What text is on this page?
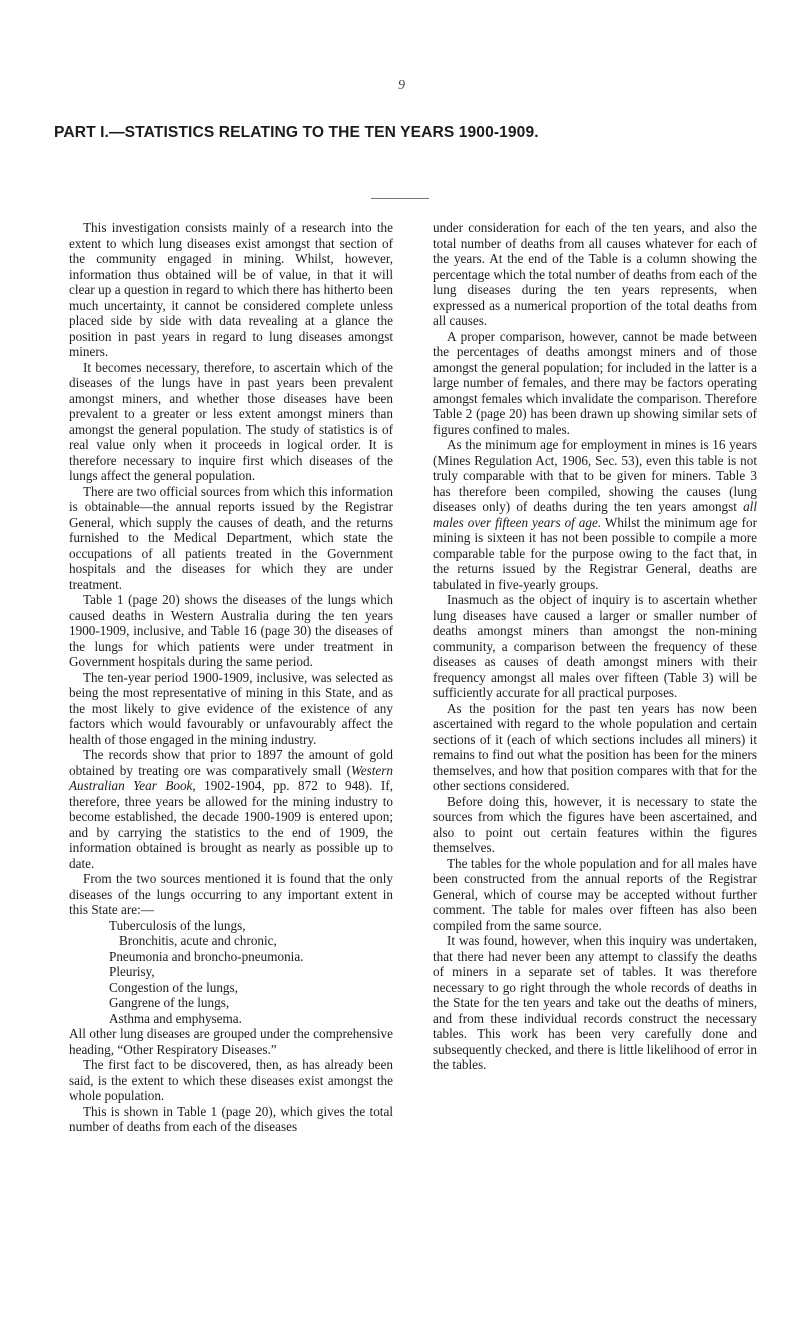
9
PART I.—STATISTICS RELATING TO THE TEN YEARS 1900-1909.

This investigation consists mainly of a research into the extent to which lung diseases exist amongst that section of the community engaged in mining. Whilst, however, information thus obtained will be of value, in that it will clear up a question in regard to which there has hitherto been much uncertainty, it cannot be considered complete unless placed side by side with data revealing at a glance the position in past years in regard to lung diseases amongst miners.

It becomes necessary, therefore, to ascertain which of the diseases of the lungs have in past years been prevalent amongst miners, and whether those diseases have been prevalent to a greater or less extent amongst miners than amongst the general population. The study of statistics is of real value only when it proceeds in logical order. It is therefore necessary to inquire first which diseases of the lungs affect the general population.

There are two official sources from which this information is obtainable—the annual reports issued by the Registrar General, which supply the causes of death, and the returns furnished to the Medical Department, which state the occupations of all patients treated in the Government hospitals and the diseases for which they are under treatment.

Table 1 (page 20) shows the diseases of the lungs which caused deaths in Western Australia during the ten years 1900-1909, inclusive, and Table 16 (page 30) the diseases of the lungs for which patients were under treatment in Government hospitals during the same period.

The ten-year period 1900-1909, inclusive, was selected as being the most representative of mining in this State, and as the most likely to give evidence of the existence of any factors which would favourably or unfavourably affect the health of those engaged in the mining industry.

The records show that prior to 1897 the amount of gold obtained by treating ore was comparatively small (Western Australian Year Book, 1902-1904, pp. 872 to 948). If, therefore, three years be allowed for the mining industry to become established, the decade 1900-1909 is entered upon; and by carrying the statistics to the end of 1909, the information obtained is brought as nearly as possible up to date.

From the two sources mentioned it is found that the only diseases of the lungs occurring to any important extent in this State are:—

Tuberculosis of the lungs,
Bronchitis, acute and chronic,
Pneumonia and broncho-pneumonia.
Pleurisy,
Congestion of the lungs,
Gangrene of the lungs,
Asthma and emphysema.

All other lung diseases are grouped under the comprehensive heading, “Other Respiratory Diseases.”

The first fact to be discovered, then, as has already been said, is the extent to which these diseases exist amongst the whole population.

This is shown in Table 1 (page 20), which gives the total number of deaths from each of the diseases

under consideration for each of the ten years, and also the total number of deaths from all causes whatever for each of the years. At the end of the Table is a column showing the percentage which the total number of deaths from each of the lung diseases during the ten years represents, when expressed as a numerical proportion of the total deaths from all causes.

A proper comparison, however, cannot be made between the percentages of deaths amongst miners and of those amongst the general population; for included in the latter is a large number of females, and there may be factors operating amongst females which invalidate the comparison. Therefore Table 2 (page 20) has been drawn up showing similar sets of figures confined to males.

As the minimum age for employment in mines is 16 years (Mines Regulation Act, 1906, Sec. 53), even this table is not truly comparable with that to be given for miners. Table 3 has therefore been compiled, showing the causes (lung diseases only) of deaths during the ten years amongst all males over fifteen years of age. Whilst the minimum age for mining is sixteen it has not been possible to compile a more comparable table for the purpose owing to the fact that, in the returns issued by the Registrar General, deaths are tabulated in five-yearly groups.

Inasmuch as the object of inquiry is to ascertain whether lung diseases have caused a larger or smaller number of deaths amongst miners than amongst the non-mining community, a comparison between the frequency of these diseases as causes of death amongst miners with their frequency amongst all males over fifteen (Table 3) will be sufficiently accurate for all practical purposes.

As the position for the past ten years has now been ascertained with regard to the whole population and certain sections of it (each of which sections includes all miners) it remains to find out what the position has been for the miners themselves, and how that position compares with that for the other sections considered.

Before doing this, however, it is necessary to state the sources from which the figures have been ascertained, and also to point out certain features within the figures themselves.

The tables for the whole population and for all males have been constructed from the annual reports of the Registrar General, which of course may be accepted without further comment. The table for males over fifteen has also been compiled from the same source.

It was found, however, when this inquiry was undertaken, that there had never been any attempt to classify the deaths of miners in a separate set of tables. It was therefore necessary to go right through the whole records of deaths in the State for the ten years and take out the deaths of miners, and from these individual records construct the necessary tables. This work has been very carefully done and subsequently checked, and there is little likelihood of error in the tables.
